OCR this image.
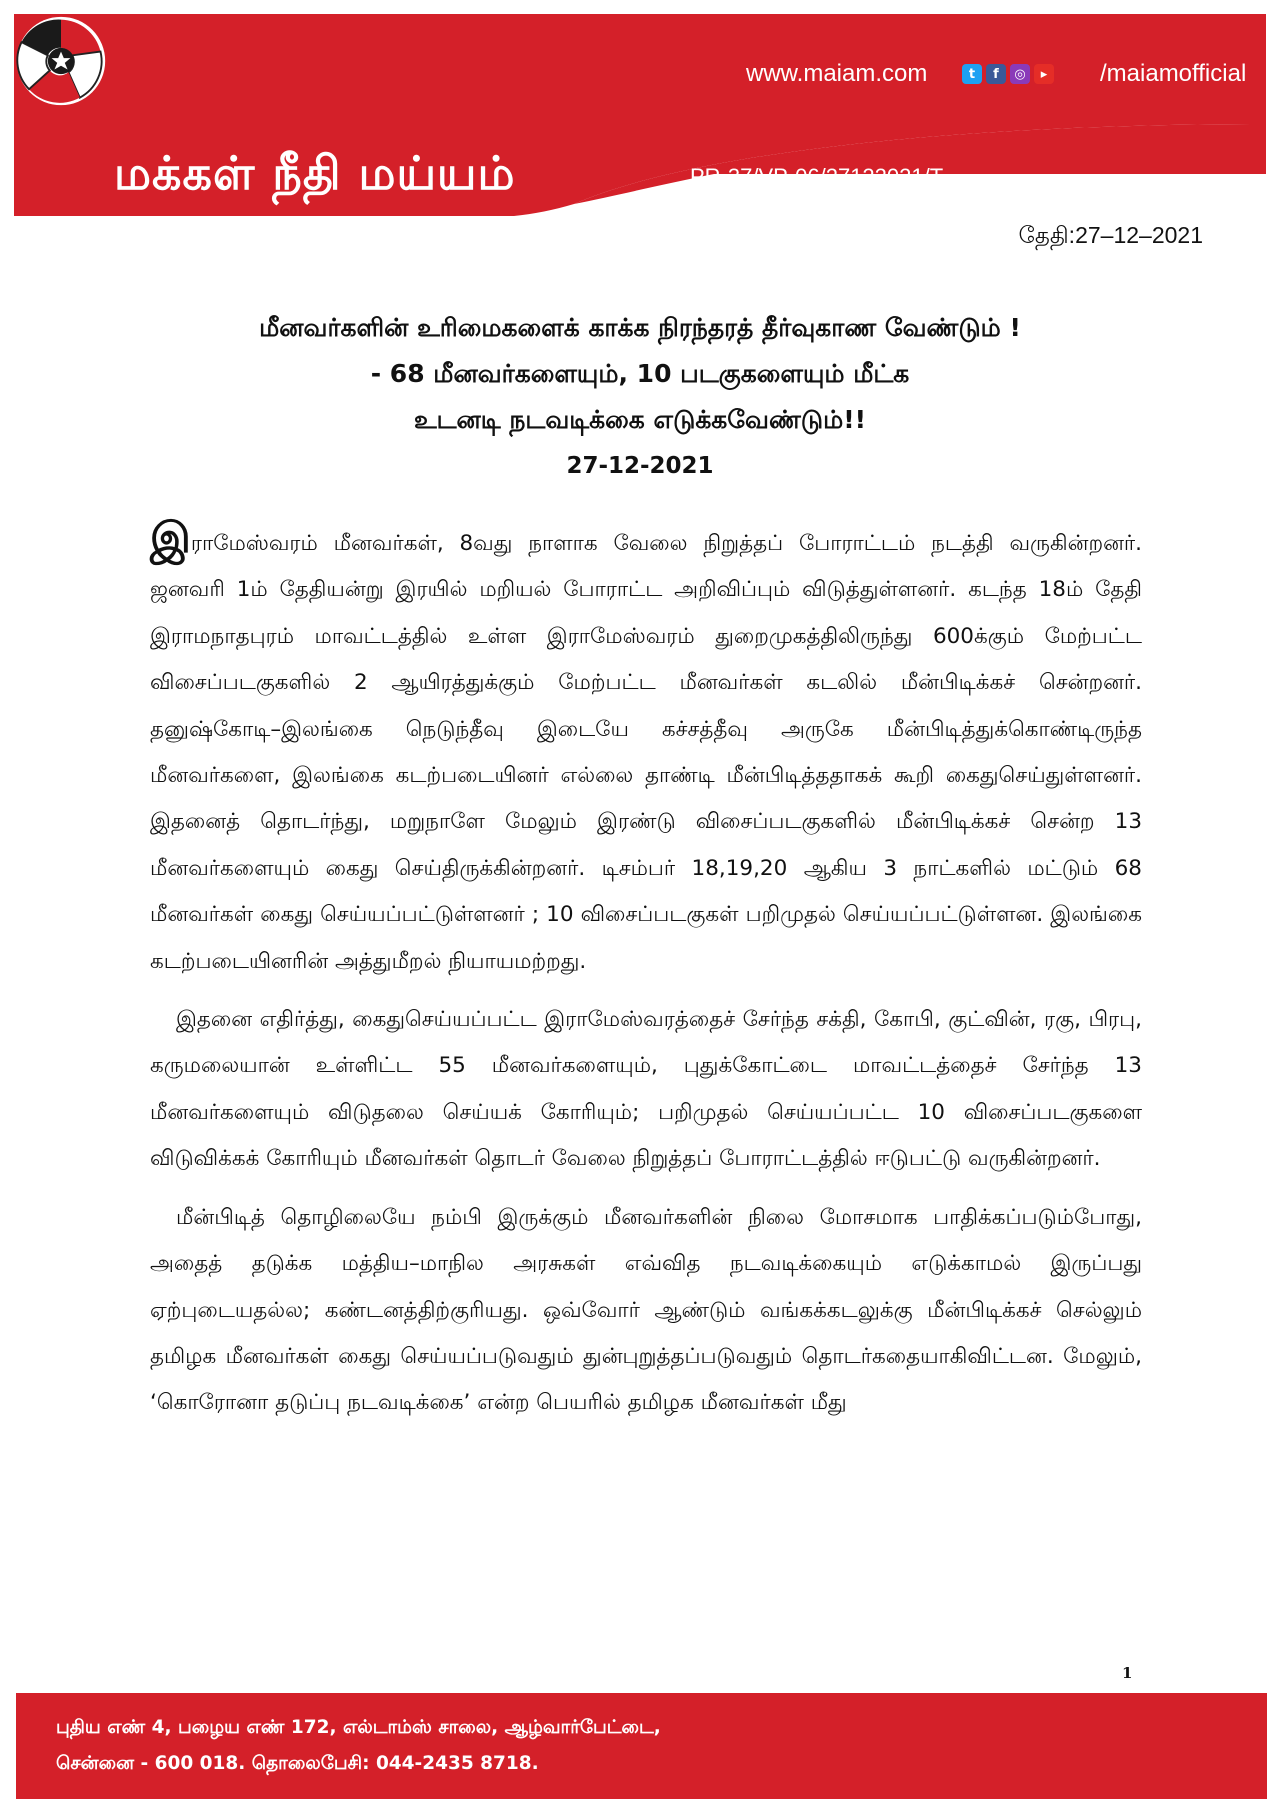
மக்கள் நீதி மய்யம்
www.maiam.com	t	f	◎	▸ /maiamofficial
PR-37/VP-06/27122021/T
தேதி:27–12–2021
மீனவர்களின் உரிமைகளைக் காக்க நிரந்தரத் தீர்வுகாண வேண்டும் !
- 68 மீனவர்களையும், 10 படகுகளையும் மீட்க
உடனடி நடவடிக்கை எடுக்கவேண்டும்!!
27-12-2021

இராமேஸ்வரம் மீனவர்கள், 8வது நாளாக வேலை நிறுத்தப் போராட்டம் நடத்தி வருகின்றனர். ஜனவரி 1ம் தேதியன்று இரயில் மறியல் போராட்ட அறிவிப்பும் விடுத்துள்ளனர். கடந்த 18ம் தேதி இராமநாதபுரம் மாவட்டத்தில் உள்ள இராமேஸ்வரம் துறைமுகத்திலிருந்து 600க்கும் மேற்பட்ட விசைப்படகுகளில் 2 ஆயிரத்துக்கும் மேற்பட்ட மீனவர்கள் கடலில் மீன்பிடிக்கச் சென்றனர். தனுஷ்கோடி–இலங்கை நெடுந்தீவு இடையே கச்சத்தீவு அருகே மீன்பிடித்துக்கொண்டிருந்த மீனவர்களை, இலங்கை கடற்படையினர் எல்லை தாண்டி மீன்பிடித்ததாகக் கூறி கைதுசெய்துள்ளனர். இதனைத் தொடர்ந்து, மறுநாளே மேலும் இரண்டு விசைப்படகுகளில் மீன்பிடிக்கச் சென்ற 13 மீனவர்களையும் கைது செய்திருக்கின்றனர். டிசம்பர் 18,19,20 ஆகிய 3 நாட்களில் மட்டும் 68 மீனவர்கள் கைது செய்யப்பட்டுள்ளனர் ; 10 விசைப்படகுகள் பறிமுதல் செய்யப்பட்டுள்ளன. இலங்கை கடற்படையினரின் அத்துமீறல் நியாயமற்றது.

இதனை எதிர்த்து, கைதுசெய்யப்பட்ட இராமேஸ்வரத்தைச் சேர்ந்த சக்தி, கோபி, குட்வின், ரகு, பிரபு, கருமலையான் உள்ளிட்ட 55 மீனவர்களையும், புதுக்கோட்டை மாவட்டத்தைச் சேர்ந்த 13 மீனவர்களையும் விடுதலை செய்யக் கோரியும்; பறிமுதல் செய்யப்பட்ட 10 விசைப்படகுகளை விடுவிக்கக் கோரியும் மீனவர்கள் தொடர் வேலை நிறுத்தப் போராட்டத்தில் ஈடுபட்டு வருகின்றனர்.

மீன்பிடித் தொழிலையே நம்பி இருக்கும் மீனவர்களின் நிலை மோசமாக பாதிக்கப்படும்போது, அதைத் தடுக்க மத்திய–மாநில அரசுகள் எவ்வித நடவடிக்கையும் எடுக்காமல் இருப்பது ஏற்புடையதல்ல; கண்டனத்திற்குரியது. ஒவ்வோர் ஆண்டும் வங்கக்கடலுக்கு மீன்பிடிக்கச் செல்லும் தமிழக மீனவர்கள் கைது செய்யப்படுவதும் துன்புறுத்தப்படுவதும் தொடர்கதையாகிவிட்டன. மேலும், ‘கொரோனா தடுப்பு நடவடிக்கை’ என்ற பெயரில் தமிழக மீனவர்கள் மீது

1
புதிய எண் 4, பழைய எண் 172, எல்டாம்ஸ் சாலை, ஆழ்வார்பேட்டை,
சென்னை - 600 018. தொலைபேசி: 044-2435 8718.
